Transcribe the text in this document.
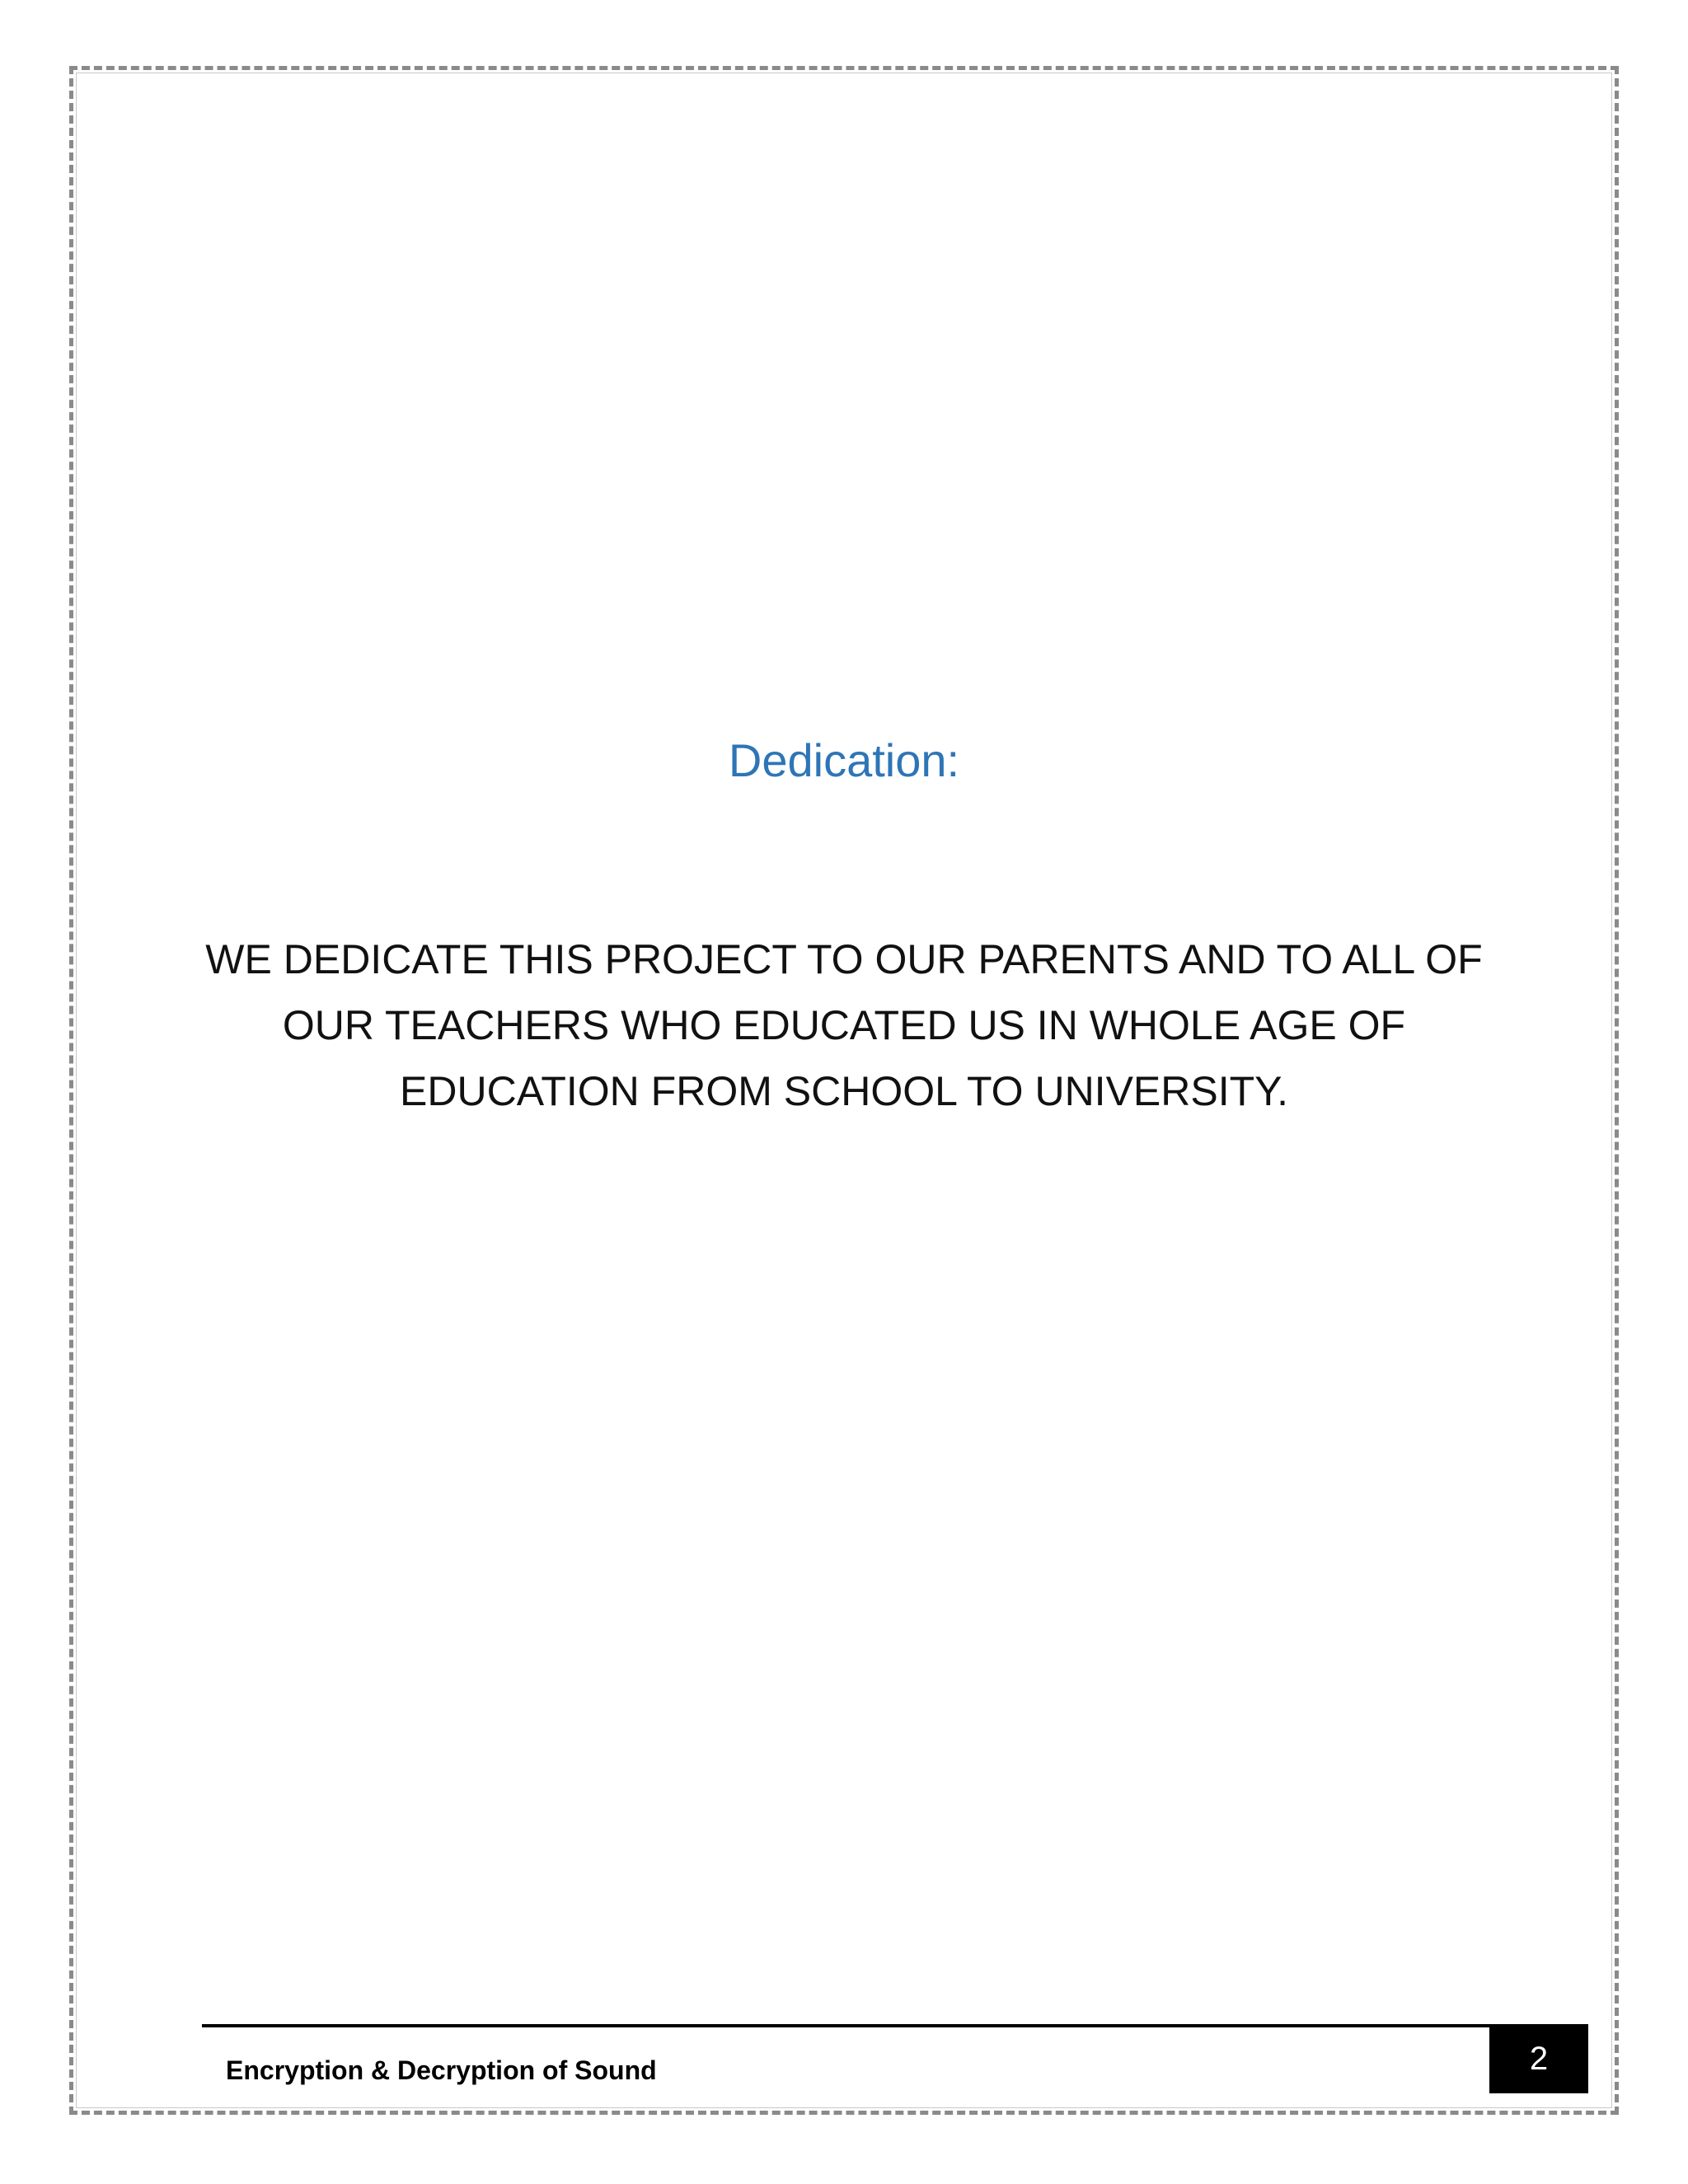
Dedication:

WE DEDICATE THIS PROJECT TO OUR PARENTS AND TO ALL OF
OUR TEACHERS WHO EDUCATED US IN WHOLE AGE OF
EDUCATION FROM SCHOOL TO UNIVERSITY.

Encryption & Decryption of Sound	2
